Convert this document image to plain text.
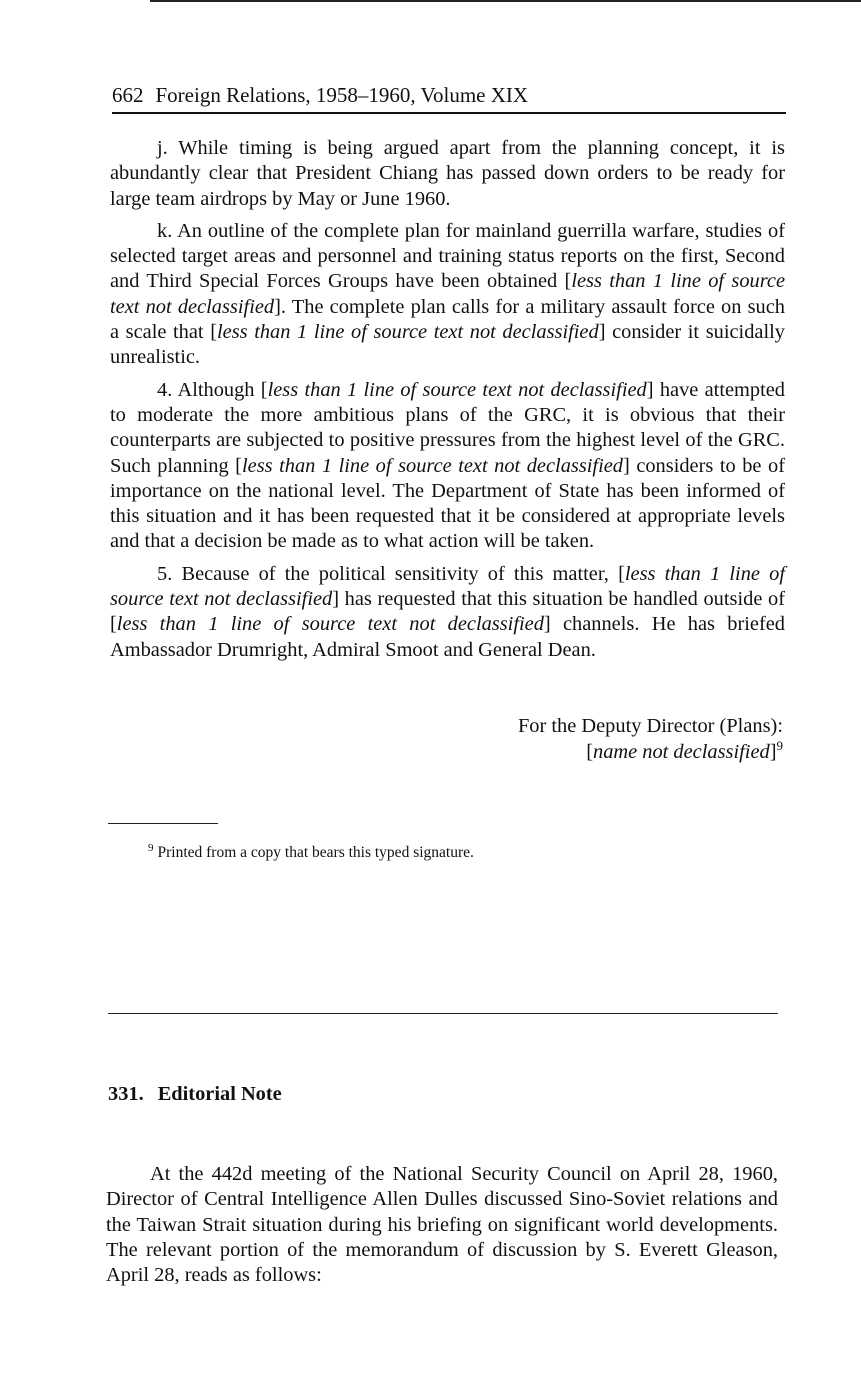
662 Foreign Relations, 1958–1960, Volume XIX

j. While timing is being argued apart from the planning concept, it is abundantly clear that President Chiang has passed down orders to be ready for large team airdrops by May or June 1960.

k. An outline of the complete plan for mainland guerrilla warfare, studies of selected target areas and personnel and training status reports on the first, Second and Third Special Forces Groups have been obtained [less than 1 line of source text not declassified]. The complete plan calls for a military assault force on such a scale that [less than 1 line of source text not declassified] consider it suicidally unrealistic.

4. Although [less than 1 line of source text not declassified] have attempted to moderate the more ambitious plans of the GRC, it is obvious that their counterparts are subjected to positive pressures from the highest level of the GRC. Such planning [less than 1 line of source text not declassified] considers to be of importance on the national level. The Department of State has been informed of this situation and it has been requested that it be considered at appropriate levels and that a decision be made as to what action will be taken.

5. Because of the political sensitivity of this matter, [less than 1 line of source text not declassified] has requested that this situation be handled outside of [less than 1 line of source text not declassified] channels. He has briefed Ambassador Drumright, Admiral Smoot and General Dean.

For the Deputy Director (Plans):
[name not declassified]$^9$
$^9$ Printed from a copy that bears this typed signature.
331. Editorial Note

At the 442d meeting of the National Security Council on April 28, 1960, Director of Central Intelligence Allen Dulles discussed Sino-Soviet relations and the Taiwan Strait situation during his briefing on significant world developments. The relevant portion of the memorandum of discussion by S. Everett Gleason, April 28, reads as follows:
